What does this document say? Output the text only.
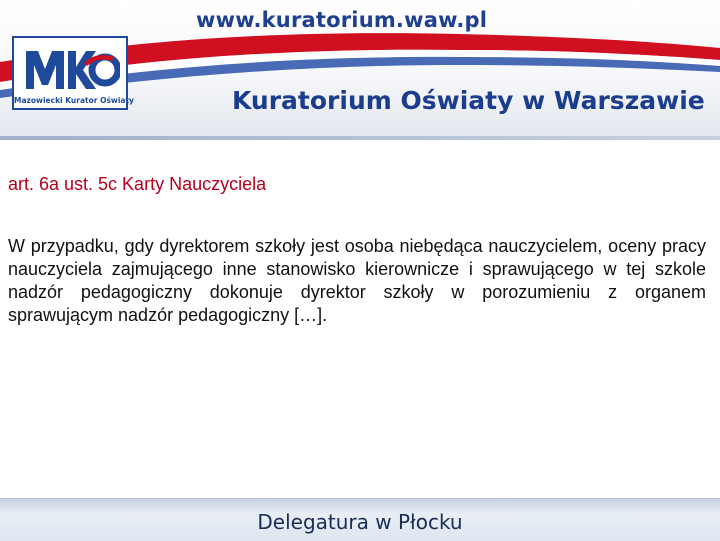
www.kuratorium.waw.pl
Mazowiecki Kurator Oświaty	Kuratorium Oświaty w Warszawie
art. 6a ust. 5c Karty Nauczyciela

W przypadku, gdy dyrektorem szkoły jest osoba niebędąca nauczycielem, oceny pracy nauczyciela zajmującego inne stanowisko kierownicze i sprawującego w tej szkole nadzór pedagogiczny dokonuje dyrektor szkoły w porozumieniu z organem sprawującym nadzór pedagogiczny […].

Delegatura w Płocku
